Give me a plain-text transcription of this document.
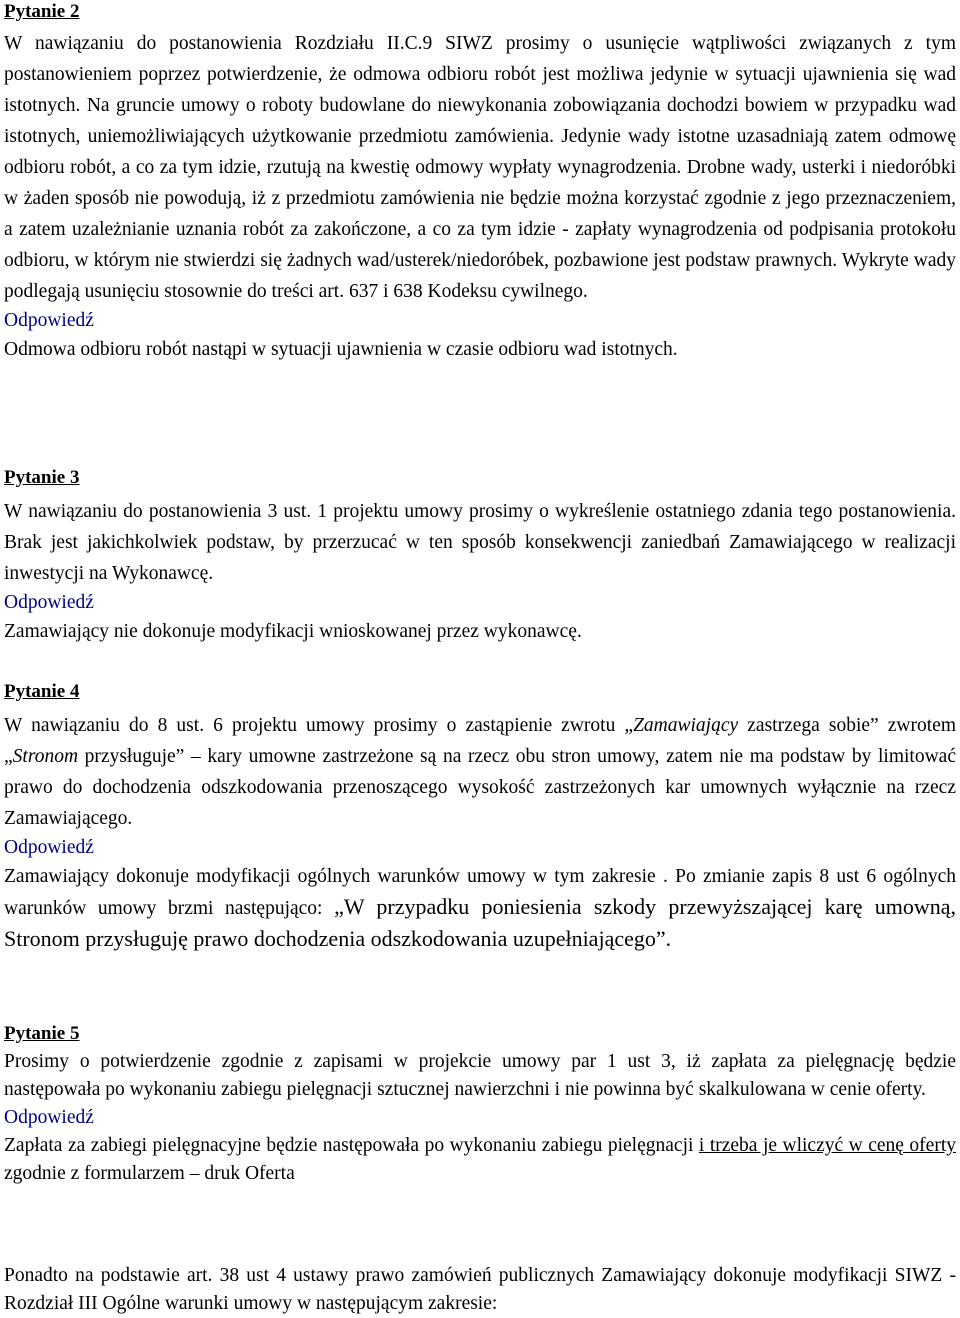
Pytanie 2

W nawiązaniu do postanowienia Rozdziału II.C.9 SIWZ prosimy o usunięcie wątpliwości związanych z tym postanowieniem poprzez potwierdzenie, że odmowa odbioru robót jest możliwa jedynie w sytuacji ujawnienia się wad istotnych. Na gruncie umowy o roboty budowlane do niewykonania zobowiązania dochodzi bowiem w przypadku wad istotnych, uniemożliwiających użytkowanie przedmiotu zamówienia. Jedynie wady istotne uzasadniają zatem odmowę odbioru robót, a co za tym idzie, rzutują na kwestię odmowy wypłaty wynagrodzenia. Drobne wady, usterki i niedoróbki w żaden sposób nie powodują, iż z przedmiotu zamówienia nie będzie można korzystać zgodnie z jego przeznaczeniem, a zatem uzależnianie uznania robót za zakończone, a co za tym idzie - zapłaty wynagrodzenia od podpisania protokołu odbioru, w którym nie stwierdzi się żadnych wad/usterek/niedoróbek, pozbawione jest podstaw prawnych. Wykryte wady podlegają usunięciu stosownie do treści art. 637 i 638 Kodeksu cywilnego.

Odpowiedź

Odmowa odbioru robót nastąpi w sytuacji ujawnienia w czasie odbioru wad istotnych.

Pytanie 3

W nawiązaniu do postanowienia 3 ust. 1 projektu umowy prosimy o wykreślenie ostatniego zdania tego postanowienia. Brak jest jakichkolwiek podstaw, by przerzucać w ten sposób konsekwencji zaniedbań Zamawiającego w realizacji inwestycji na Wykonawcę.

Odpowiedź

Zamawiający nie dokonuje modyfikacji wnioskowanej przez wykonawcę.

Pytanie 4

W nawiązaniu do 8 ust. 6 projektu umowy prosimy o zastąpienie zwrotu „Zamawiający zastrzega sobie” zwrotem „Stronom przysługuje” – kary umowne zastrzeżone są na rzecz obu stron umowy, zatem nie ma podstaw by limitować prawo do dochodzenia odszkodowania przenoszącego wysokość zastrzeżonych kar umownych wyłącznie na rzecz Zamawiającego.

Odpowiedź

Zamawiający dokonuje modyfikacji ogólnych warunków umowy w tym zakresie . Po zmianie zapis 8 ust 6 ogólnych warunków umowy brzmi następująco: „W przypadku poniesienia szkody przewyższającej karę umowną, Stronom przysługuję prawo dochodzenia odszkodowania uzupełniającego”.

Pytanie 5

Prosimy o potwierdzenie zgodnie z zapisami w projekcie umowy par 1 ust 3, iż zapłata za pielęgnację będzie następowała po wykonaniu zabiegu pielęgnacji sztucznej nawierzchni i nie powinna być skalkulowana w cenie oferty.

Odpowiedź

Zapłata za zabiegi pielęgnacyjne będzie następowała po wykonaniu zabiegu pielęgnacji i trzeba je wliczyć w cenę oferty zgodnie z formularzem – druk Oferta

Ponadto na podstawie art. 38 ust 4 ustawy prawo zamówień publicznych Zamawiający dokonuje modyfikacji SIWZ - Rozdział III Ogólne warunki umowy w następującym zakresie:
